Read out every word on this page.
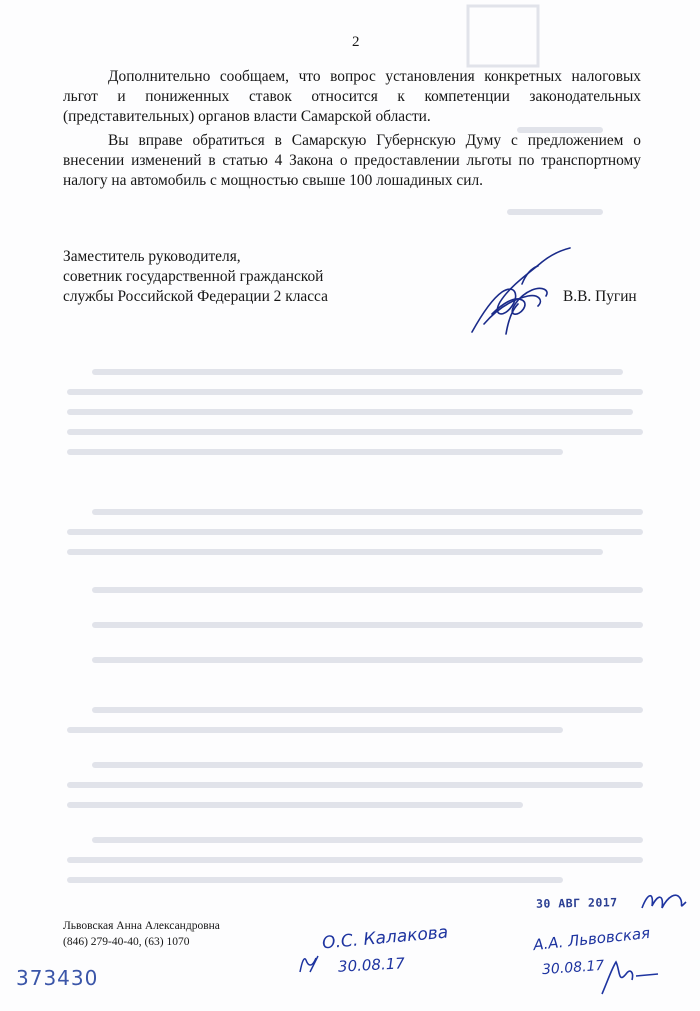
2

Дополнительно сообщаем, что вопрос установления конкретных налоговых льгот и пониженных ставок относится к компетенции законодательных (представительных) органов власти Самарской области.

Вы вправе обратиться в Самарскую Губернскую Думу с предложением о внесении изменений в статью 4 Закона о предоставлении льготы по транспортному налогу на автомобиль с мощностью свыше 100 лошадиных сил.

Заместитель руководителя,
советник государственной гражданской
службы Российской Федерации 2 класса	В.В. Пугин
Львовская Анна Александровна
(846) 279-40-40, (63) 1070
373430
30 АВГ 2017
О.С. Калакова
30.08.17
А.А. Львовская
30.08.17
